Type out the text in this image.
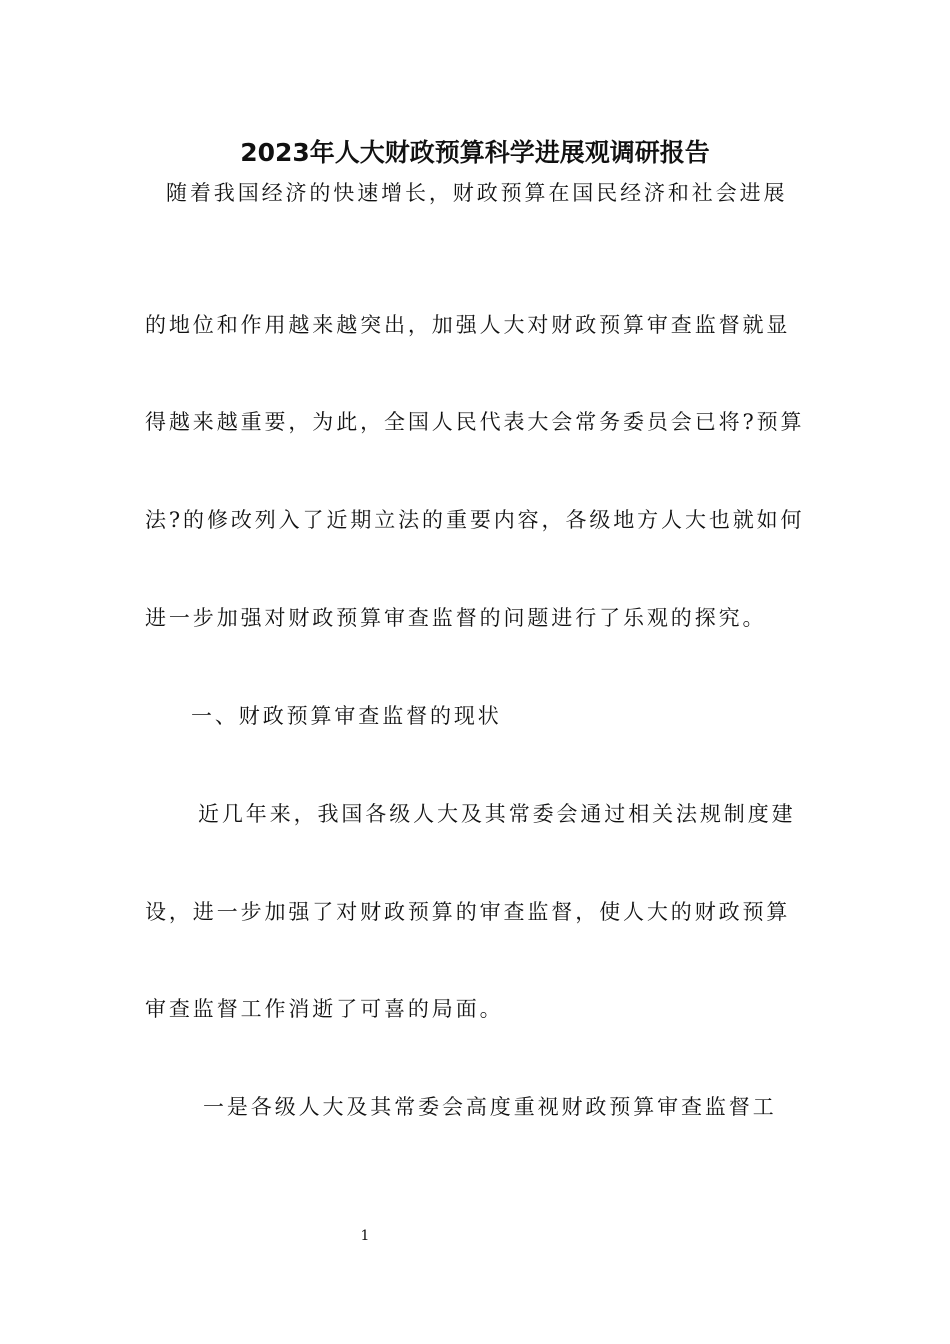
2023年人大财政预算科学进展观调研报告

随着我国经济的快速增长，财政预算在国民经济和社会进展

的地位和作用越来越突出，加强人大对财政预算审查监督就显

得越来越重要，为此，全国人民代表大会常务委员会已将?预算

法?的修改列入了近期立法的重要内容，各级地方人大也就如何

进一步加强对财政预算审查监督的问题进行了乐观的探究。

一、财政预算审查监督的现状

近几年来，我国各级人大及其常委会通过相关法规制度建

设，进一步加强了对财政预算的审查监督，使人大的财政预算

审查监督工作消逝了可喜的局面。

一是各级人大及其常委会高度重视财政预算审查监督工

1
